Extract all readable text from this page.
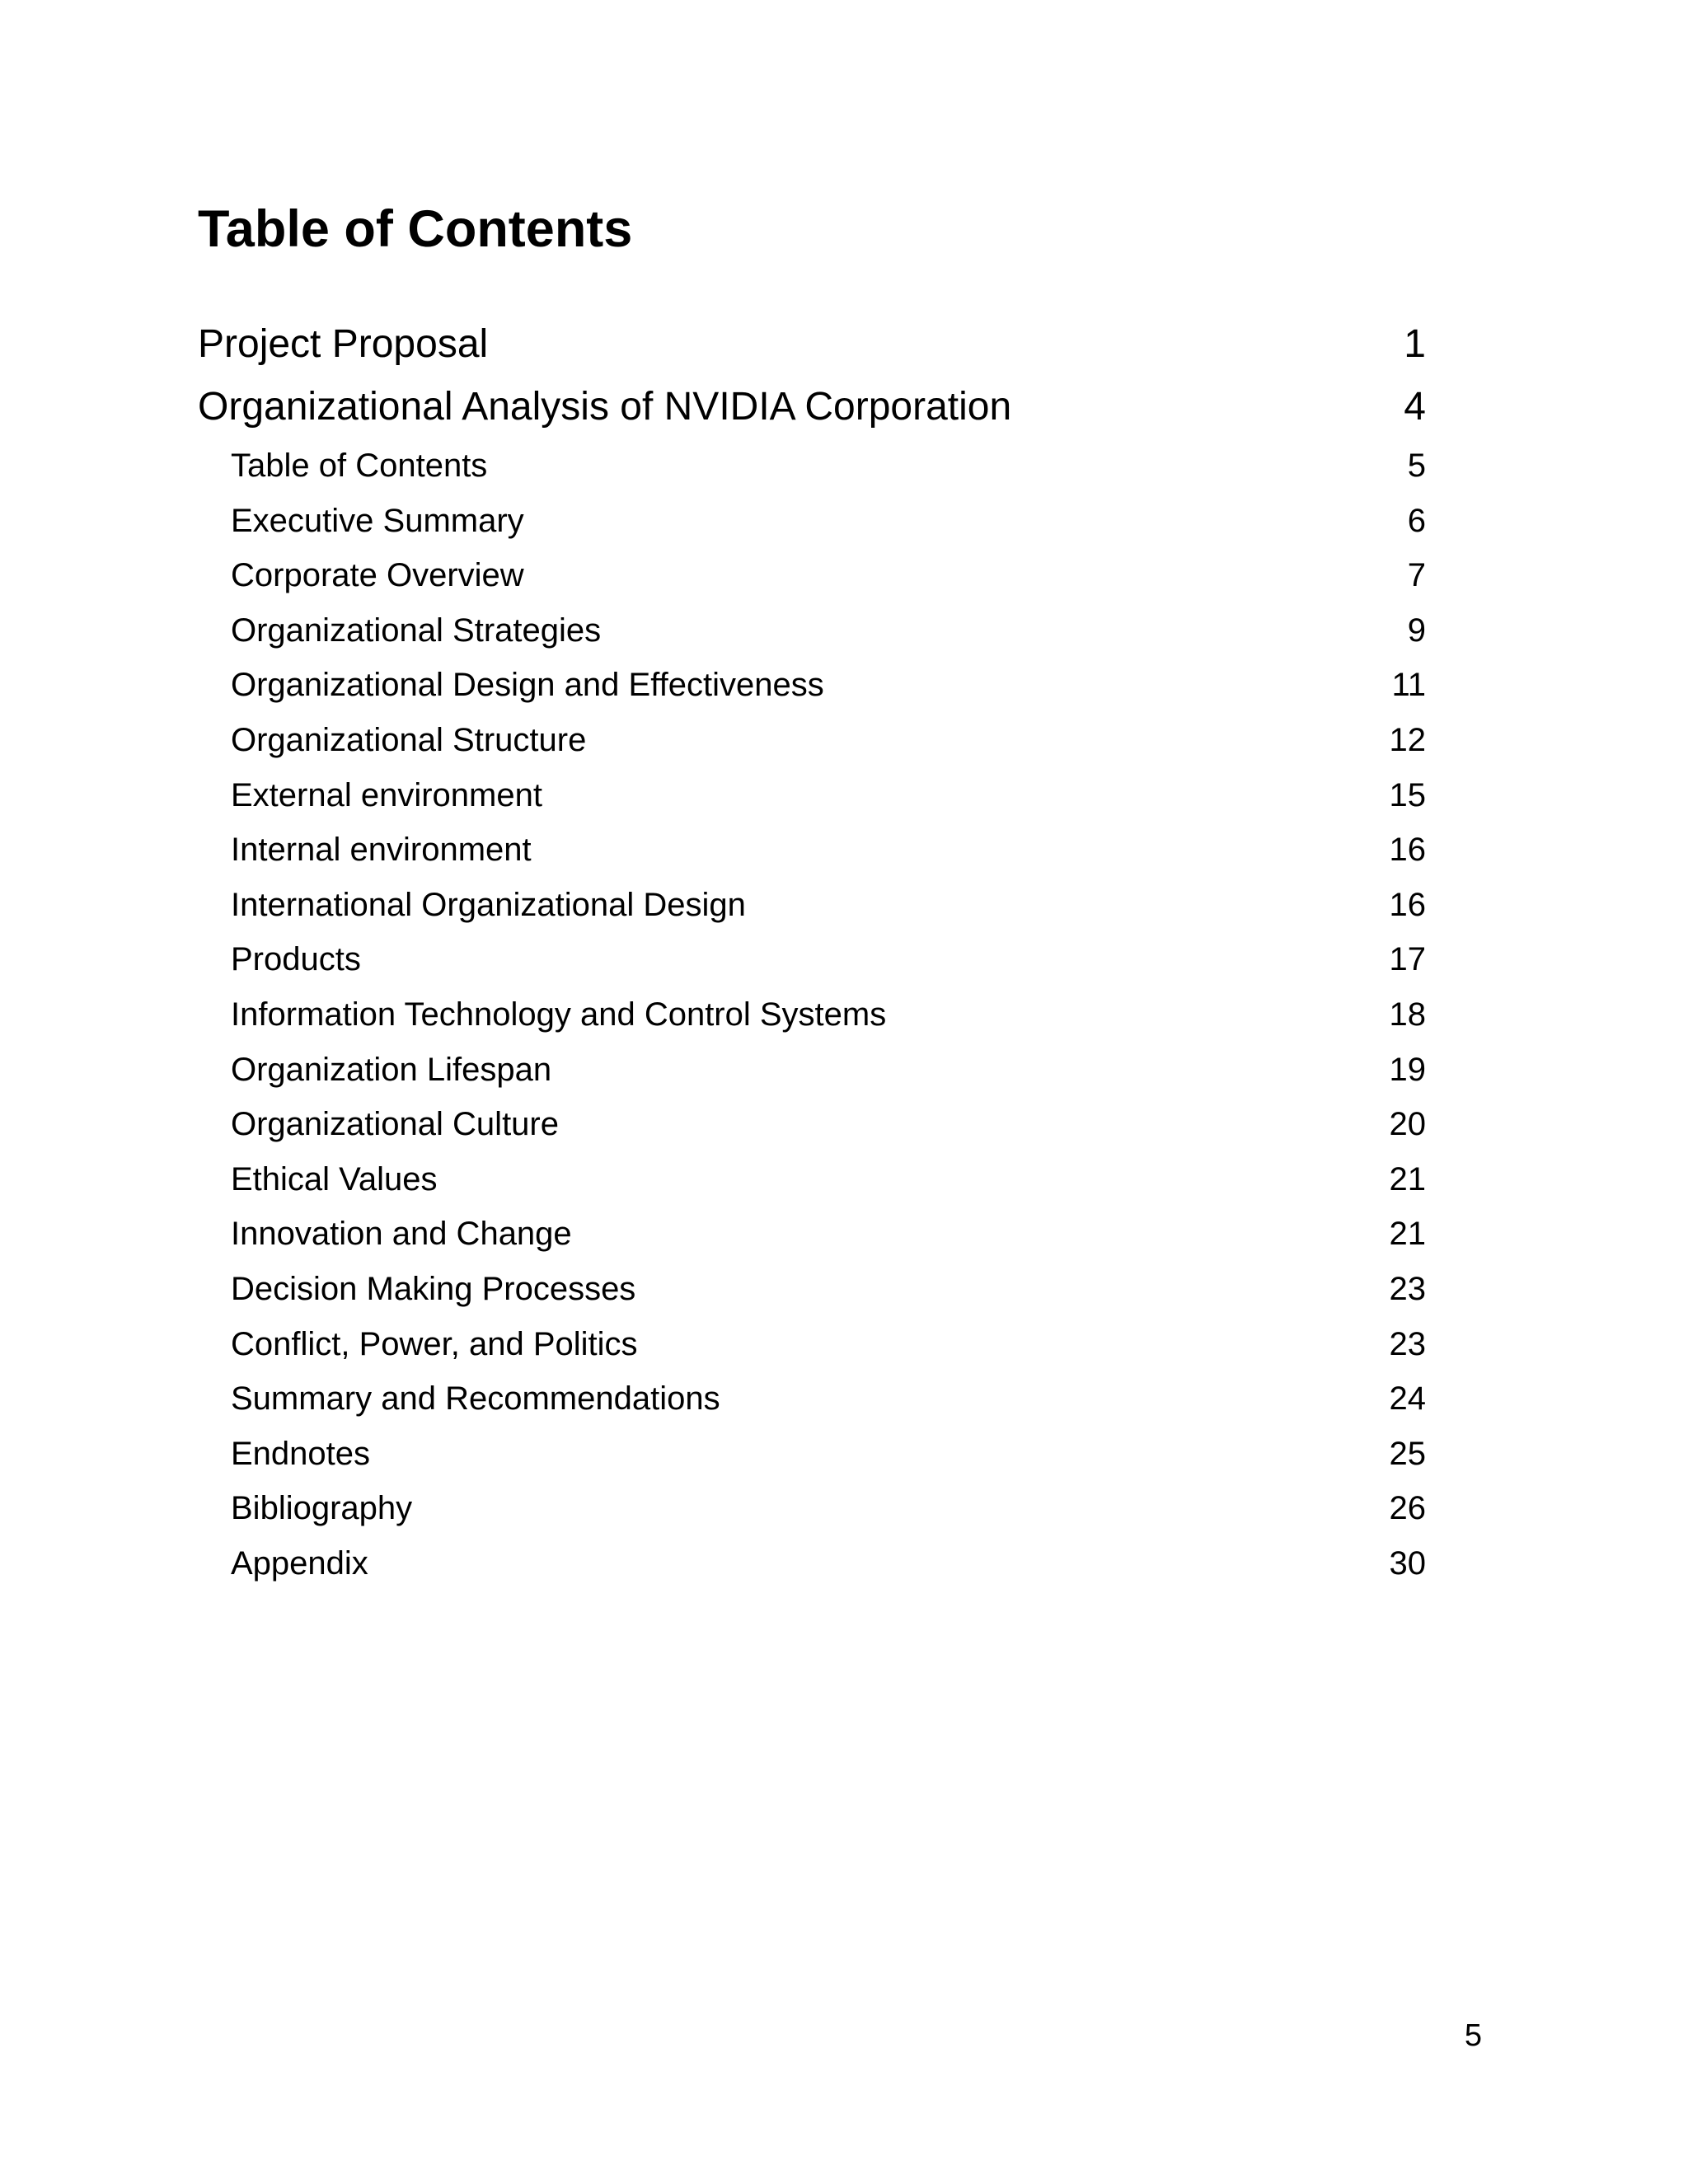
Table of Contents
Project Proposal	1
Organizational Analysis of NVIDIA Corporation	4
Table of Contents	5
Executive Summary	6
Corporate Overview	7
Organizational Strategies	9
Organizational Design and Effectiveness	11
Organizational Structure	12
External environment	15
Internal environment	16
International Organizational Design	16
Products	17
Information Technology and Control Systems	18
Organization Lifespan	19
Organizational Culture	20
Ethical Values	21
Innovation and Change	21
Decision Making Processes	23
Conflict, Power, and Politics	23
Summary and Recommendations	24
Endnotes	25
Bibliography	26
Appendix	30
5
